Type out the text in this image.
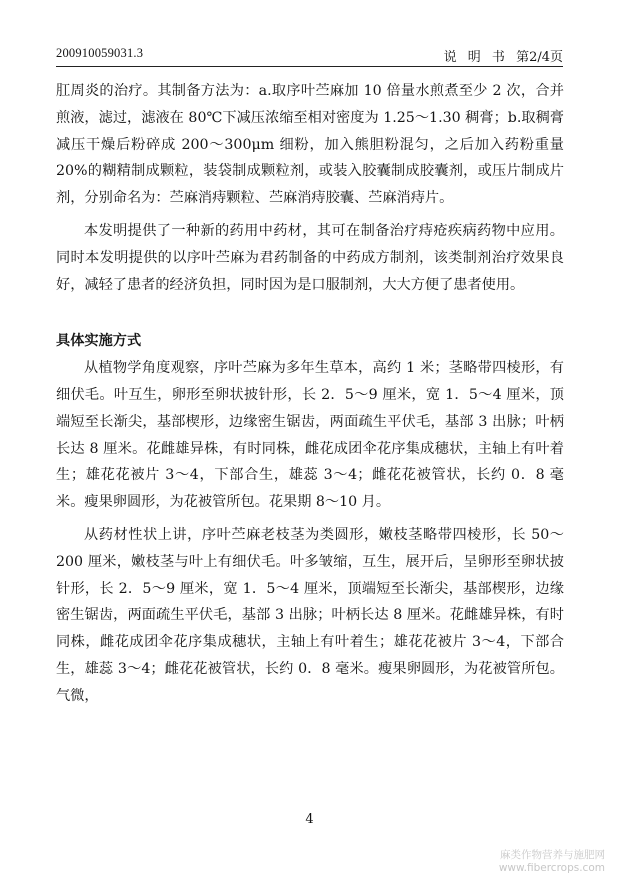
200910059031.3	说 明 书 第2/4页

肛周炎的治疗。其制备方法为：a.取序叶苎麻加 10 倍量水煎煮至少 2 次，合并煎液，滤过，滤液在 80℃下减压浓缩至相对密度为 1.25～1.30 稠膏；b.取稠膏减压干燥后粉碎成 200～300μm 细粉，加入熊胆粉混匀，之后加入药粉重量 20%的糊精制成颗粒，装袋制成颗粒剂，或装入胶囊制成胶囊剂，或压片制成片剂，分别命名为：苎麻消痔颗粒、苎麻消痔胶囊、苎麻消痔片。

本发明提供了一种新的药用中药材，其可在制备治疗痔疮疾病药物中应用。同时本发明提供的以序叶苎麻为君药制备的中药成方制剂，该类制剂治疗效果良好，减轻了患者的经济负担，同时因为是口服制剂，大大方便了患者使用。

具体实施方式

从植物学角度观察，序叶苎麻为多年生草本，高约 1 米；茎略带四棱形，有细伏毛。叶互生，卵形至卵状披针形，长 2．5～9 厘米，宽 1．5～4 厘米，顶端短至长渐尖，基部楔形，边缘密生锯齿，两面疏生平伏毛，基部 3 出脉；叶柄长达 8 厘米。花雌雄异株，有时同株，雌花成团伞花序集成穗状，主轴上有叶着生；雄花花被片 3～4，下部合生，雄蕊 3～4；雌花花被管状，长约 0．8 毫米。瘦果卵圆形，为花被管所包。花果期 8～10 月。

从药材性状上讲，序叶苎麻老枝茎为类圆形，嫩枝茎略带四棱形，长 50～200 厘米，嫩枝茎与叶上有细伏毛。叶多皱缩，互生，展开后，呈卵形至卵状披针形，长 2．5～9 厘米，宽 1．5～4 厘米，顶端短至长渐尖，基部楔形，边缘密生锯齿，两面疏生平伏毛，基部 3 出脉；叶柄长达 8 厘米。花雌雄异株，有时同株，雌花成团伞花序集成穗状，主轴上有叶着生；雄花花被片 3～4，下部合生，雄蕊 3～4；雌花花被管状，长约 0．8 毫米。瘦果卵圆形，为花被管所包。气微，

4
麻类作物营养与施肥网
www.fibercrops.com
